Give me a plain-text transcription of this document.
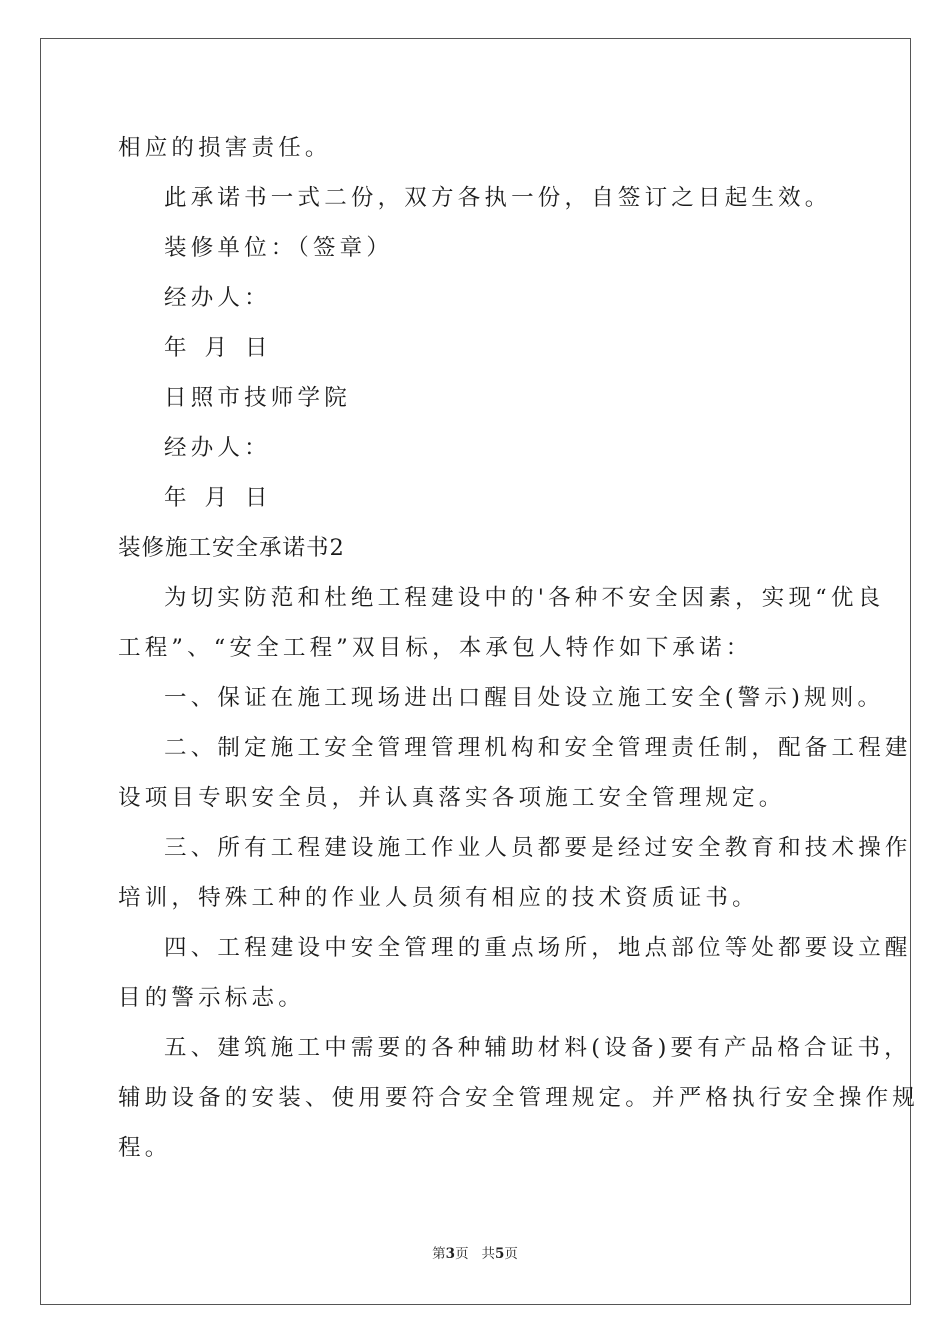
相应的损害责任。
此承诺书一式二份，双方各执一份，自签订之日起生效。
装修单位：（签章）
经办人：
年 月 日
日照市技师学院
经办人：
年 月 日
装修施工安全承诺书2
为切实防范和杜绝工程建设中的'各种不安全因素，实现“优良
工程”、“安全工程”双目标，本承包人特作如下承诺：
一、保证在施工现场进出口醒目处设立施工安全(警示)规则。
二、制定施工安全管理管理机构和安全管理责任制，配备工程建
设项目专职安全员，并认真落实各项施工安全管理规定。
三、所有工程建设施工作业人员都要是经过安全教育和技术操作
培训，特殊工种的作业人员须有相应的技术资质证书。
四、工程建设中安全管理的重点场所，地点部位等处都要设立醒
目的警示标志。
五、建筑施工中需要的各种辅助材料(设备)要有产品格合证书，
辅助设备的安装、使用要符合安全管理规定。并严格执行安全操作规
程。
第3页 共5页
